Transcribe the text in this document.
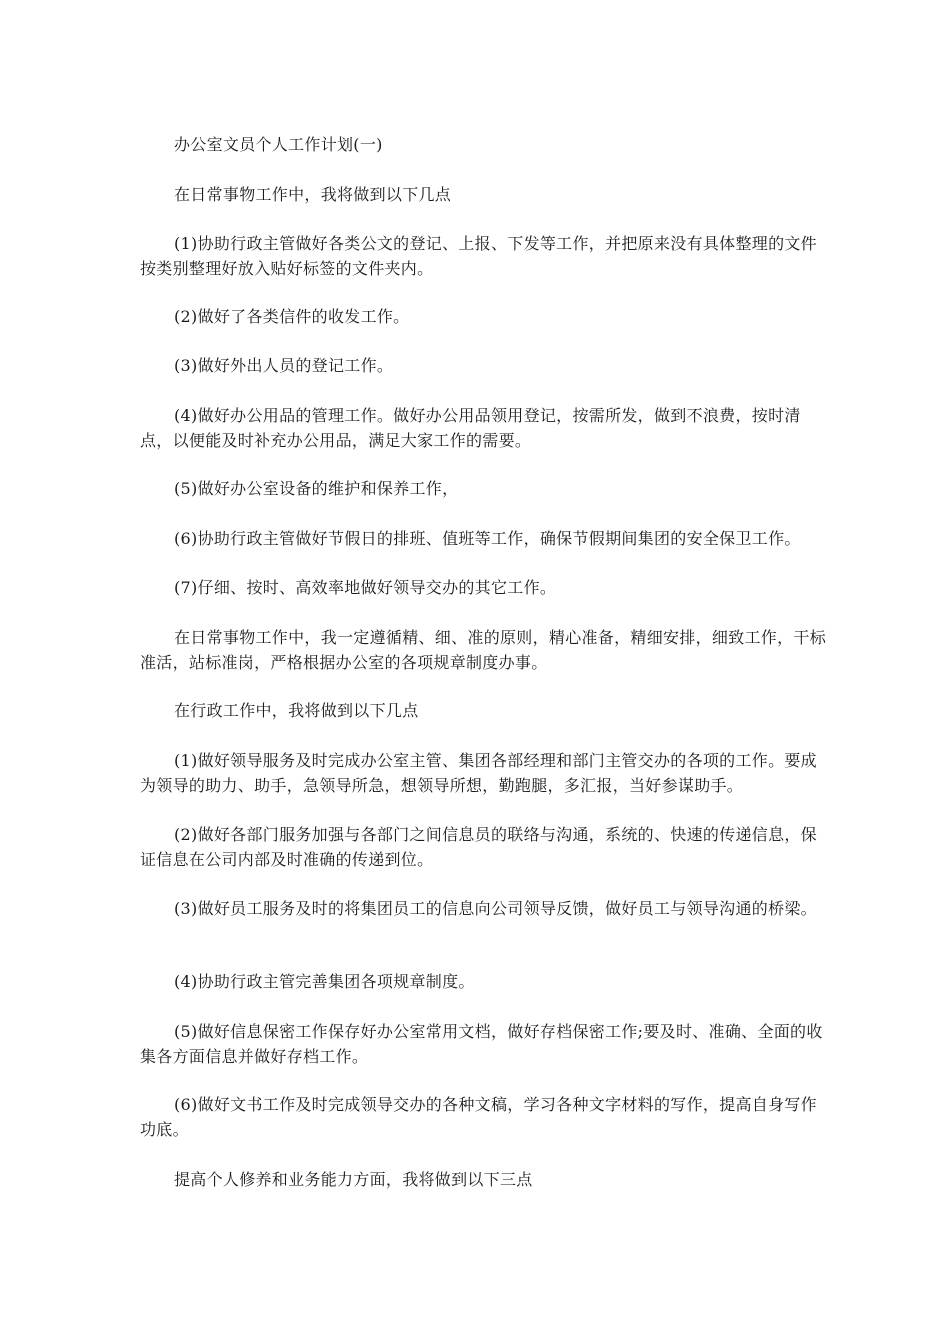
办公室文员个人工作计划(一)

在日常事物工作中，我将做到以下几点

(1)协助行政主管做好各类公文的登记、上报、下发等工作，并把原来没有具体整理的文件按类别整理好放入贴好标签的文件夹内。

(2)做好了各类信件的收发工作。

(3)做好外出人员的登记工作。

(4)做好办公用品的管理工作。做好办公用品领用登记，按需所发，做到不浪费，按时清点，以便能及时补充办公用品，满足大家工作的需要。

(5)做好办公室设备的维护和保养工作，

(6)协助行政主管做好节假日的排班、值班等工作，确保节假期间集团的安全保卫工作。

(7)仔细、按时、高效率地做好领导交办的其它工作。

在日常事物工作中，我一定遵循精、细、准的原则，精心准备，精细安排，细致工作，干标准活，站标准岗，严格根据办公室的各项规章制度办事。

在行政工作中，我将做到以下几点

(1)做好领导服务及时完成办公室主管、集团各部经理和部门主管交办的各项的工作。要成为领导的助力、助手，急领导所急，想领导所想，勤跑腿，多汇报，当好参谋助手。

(2)做好各部门服务加强与各部门之间信息员的联络与沟通，系统的、快速的传递信息，保证信息在公司内部及时准确的传递到位。

(3)做好员工服务及时的将集团员工的信息向公司领导反馈，做好员工与领导沟通的桥梁。

(4)协助行政主管完善集团各项规章制度。

(5)做好信息保密工作保存好办公室常用文档，做好存档保密工作;要及时、准确、全面的收集各方面信息并做好存档工作。

(6)做好文书工作及时完成领导交办的各种文稿，学习各种文字材料的写作，提高自身写作功底。

提高个人修养和业务能力方面，我将做到以下三点
